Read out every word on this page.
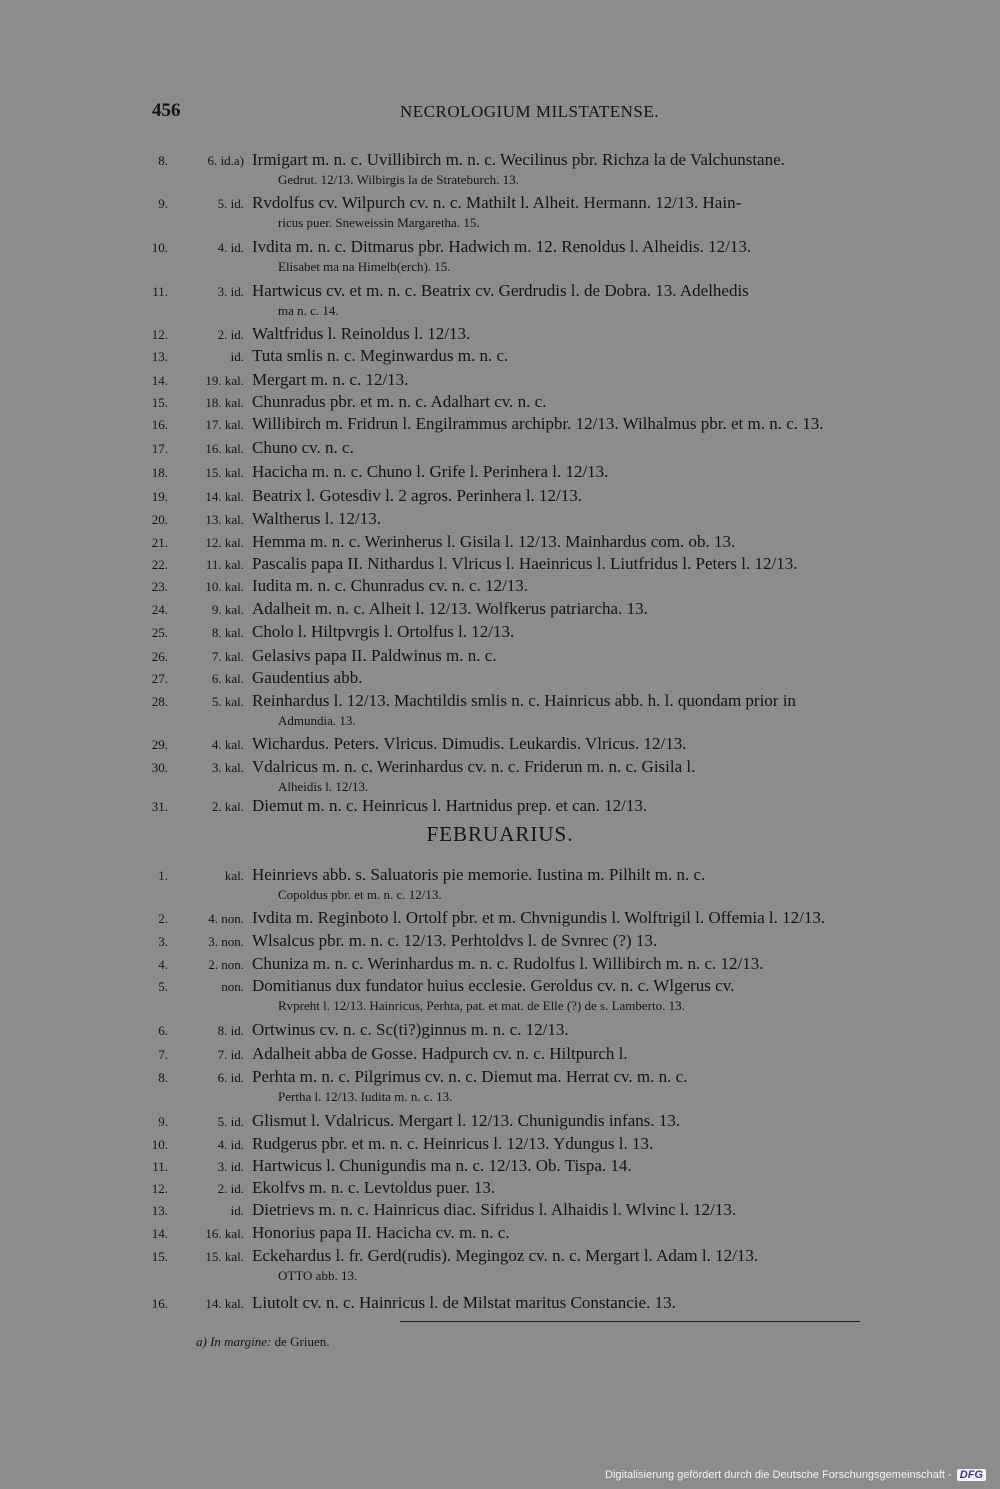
456	NECROLOGIUM MILSTATENSE.
8.	6. id.a) Irmigart m. n. c. Uvillibirch m. n. c. Wecilinus pbr. Richza la de Valchunstane.
Gedrut. 12/13. Wilbirgis la de Strateburch. 13.
9.	5. id. Rvdolfus cv. Wilpurch cv. n. c. Mathilt l. Alheit. Hermann. 12/13. Hain-
ricus puer. Sneweissin Margaretha. 15.
10.	4. id. Ivdita m. n. c. Ditmarus pbr. Hadwich m. 12. Renoldus l. Alheidis. 12/13.
Elisabet ma na Himelb(erch). 15.
11.	3. id. Hartwicus cv. et m. n. c. Beatrix cv. Gerdrudis l. de Dobra. 13. Adelhedis
ma n. c. 14.
12.	2. id. Waltfridus l. Reinoldus l. 12/13.
13.	id. Tuta smlis n. c. Meginwardus m. n. c.
14.	19. kal. Mergart m. n. c. 12/13.
15.	18. kal. Chunradus pbr. et m. n. c. Adalhart cv. n. c.
16.	17. kal. Willibirch m. Fridrun l. Engilrammus archipbr. 12/13. Wilhalmus pbr. et m. n. c. 13.
17.	16. kal. Chuno cv. n. c.
18.	15. kal. Hacicha m. n. c. Chuno l. Grife l. Perinhera l. 12/13.
19.	14. kal. Beatrix l. Gotesdiv l. 2 agros. Perinhera l. 12/13.
20.	13. kal. Waltherus l. 12/13.
21.	12. kal. Hemma m. n. c. Werinherus l. Gisila l. 12/13. Mainhardus com. ob. 13.
22.	11. kal. Pascalis papa II. Nithardus l. Vlricus l. Haeinricus l. Liutfridus l. Peters l. 12/13.
23.	10. kal. Iudita m. n. c. Chunradus cv. n. c. 12/13.
24.	9. kal. Adalheit m. n. c. Alheit l. 12/13. Wolfkerus patriarcha. 13.
25.	8. kal. Cholo l. Hiltpvrgis l. Ortolfus l. 12/13.
26.	7. kal. Gelasivs papa II. Paldwinus m. n. c.
27.	6. kal. Gaudentius abb.
28.	5. kal. Reinhardus l. 12/13. Machtildis smlis n. c. Hainricus abb. h. l. quondam prior in
Admundia. 13.
29.	4. kal. Wichardus. Peters. Vlricus. Dimudis. Leukardis. Vlricus. 12/13.
30.	3. kal. Vdalricus m. n. c. Werinhardus cv. n. c. Friderun m. n. c. Gisila l.
Alheidis l. 12/13.
31.	2. kal. Diemut m. n. c. Heinricus l. Hartnidus prep. et can. 12/13.
1.	kal. Heinrievs abb. s. Saluatoris pie memorie. Iustina m. Pilhilt m. n. c.
Copoldus pbr. et m. n. c. 12/13.
2.	4. non. Ivdita m. Reginboto l. Ortolf pbr. et m. Chvnigundis l. Wolftrigil l. Offemia l. 12/13.
3.	3. non. Wlsalcus pbr. m. n. c. 12/13. Perhtoldvs l. de Svnrec (?) 13.
4.	2. non. Chuniza m. n. c. Werinhardus m. n. c. Rudolfus l. Willibirch m. n. c. 12/13.
5.	non. Domitianus dux fundator huius ecclesie. Geroldus cv. n. c. Wlgerus cv.
Rvpreht l. 12/13. Hainricus, Perhta, pat. et mat. de Elle (?) de s. Lamberto. 13.
6.	8. id. Ortwinus cv. n. c. Sc(ti?)ginnus m. n. c. 12/13.
7.	7. id. Adalheit abba de Gosse. Hadpurch cv. n. c. Hiltpurch l.
8.	6. id. Perhta m. n. c. Pilgrimus cv. n. c. Diemut ma. Herrat cv. m. n. c.
Pertha l. 12/13. Iudita m. n. c. 13.
9.	5. id. Glismut l. Vdalricus. Mergart l. 12/13. Chunigundis infans. 13.
10.	4. id. Rudgerus pbr. et m. n. c. Heinricus l. 12/13. Ydungus l. 13.
11.	3. id. Hartwicus l. Chunigundis ma n. c. 12/13. Ob. Tispa. 14.
12.	2. id. Ekolfvs m. n. c. Levtoldus puer. 13.
13.	id. Dietrievs m. n. c. Hainricus diac. Sifridus l. Alhaidis l. Wlvinc l. 12/13.
14.	16. kal. Honorius papa II. Hacicha cv. m. n. c.
15.	15. kal. Eckehardus l. fr. Gerd(rudis). Megingoz cv. n. c. Mergart l. Adam l. 12/13.
OTTO abb. 13.
16.	14. kal. Liutolt cv. n. c. Hainricus l. de Milstat maritus Constancie. 13.
FEBRUARIUS.
a) In margine: de Griuen.
Digitalisierung gefördert durch die Deutsche Forschungsgemeinschaft - DFG
